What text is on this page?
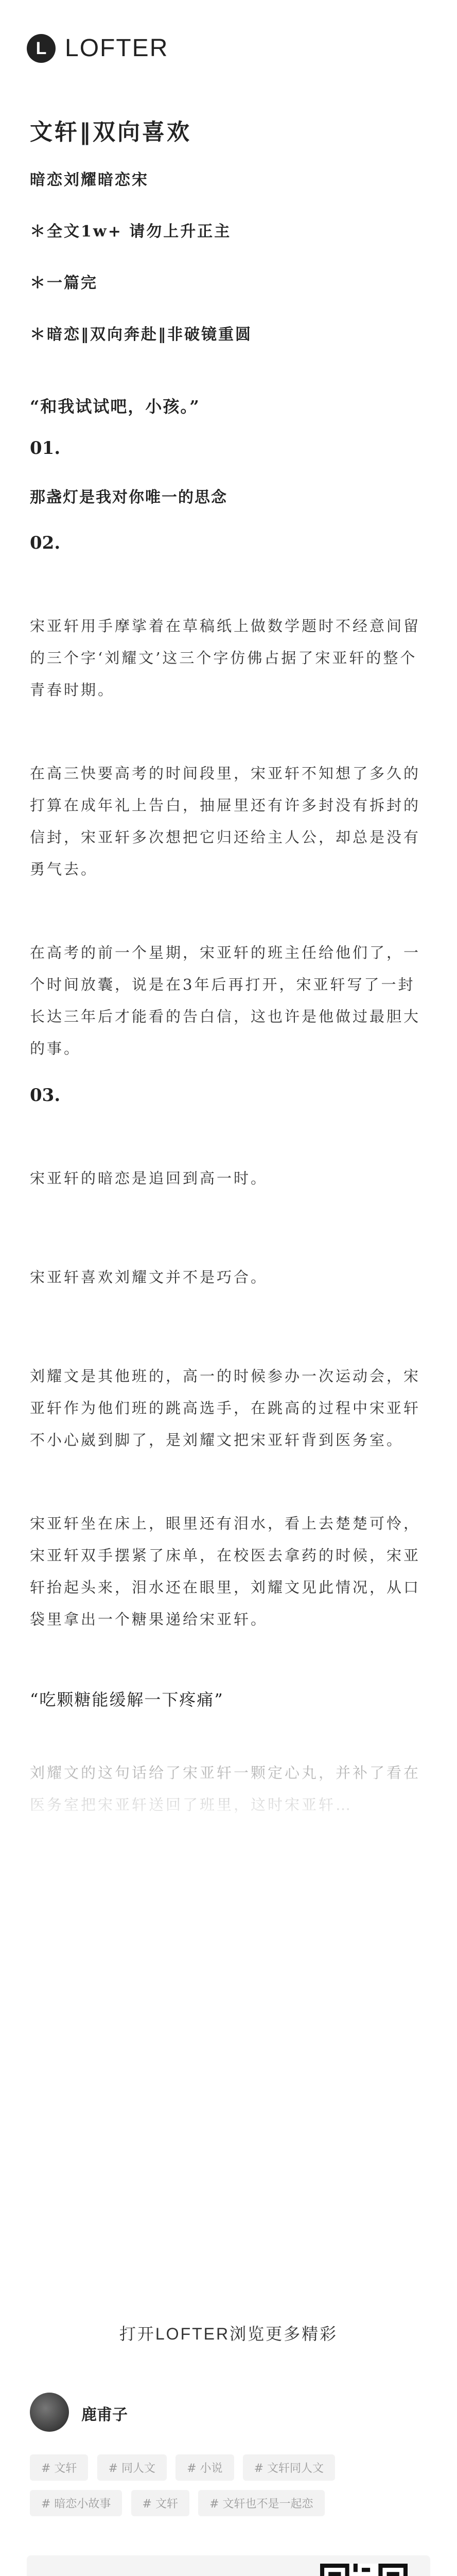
L LOFTER
文轩‖双向喜欢
暗恋刘耀暗恋宋
＊全文1w+ 请勿上升正主
＊一篇完
＊暗恋‖双向奔赴‖非破镜重圆
“和我试试吧，小孩。”
01.
那盏灯是我对你唯一的思念
02.

宋亚轩用手摩挲着在草稿纸上做数学题时不经意间留的三个字‘刘耀文’这三个字仿佛占据了宋亚轩的整个青春时期。

在高三快要高考的时间段里，宋亚轩不知想了多久的打算在成年礼上告白，抽屉里还有许多封没有拆封的信封，宋亚轩多次想把它归还给主人公，却总是没有勇气去。

在高考的前一个星期，宋亚轩的班主任给他们了，一个时间放囊，说是在3年后再打开，宋亚轩写了一封长达三年后才能看的告白信，这也许是他做过最胆大的事。

03.

宋亚轩的暗恋是追回到高一时。

宋亚轩喜欢刘耀文并不是巧合。

刘耀文是其他班的，高一的时候参办一次运动会，宋亚轩作为他们班的跳高选手，在跳高的过程中宋亚轩不小心崴到脚了，是刘耀文把宋亚轩背到医务室。

宋亚轩坐在床上，眼里还有泪水，看上去楚楚可怜，宋亚轩双手摆紧了床单，在校医去拿药的时候，宋亚轩抬起头来，泪水还在眼里，刘耀文见此情况，从口袋里拿出一个糖果递给宋亚轩。

“吃颗糖能缓解一下疼痛”

打开LOFTER浏览更多精彩
鹿甫子
# 文轩	# 同人文	# 小说	# 文轩同人文 # 暗恋小故事	# 文轩	# 文轩也不是一起恋
